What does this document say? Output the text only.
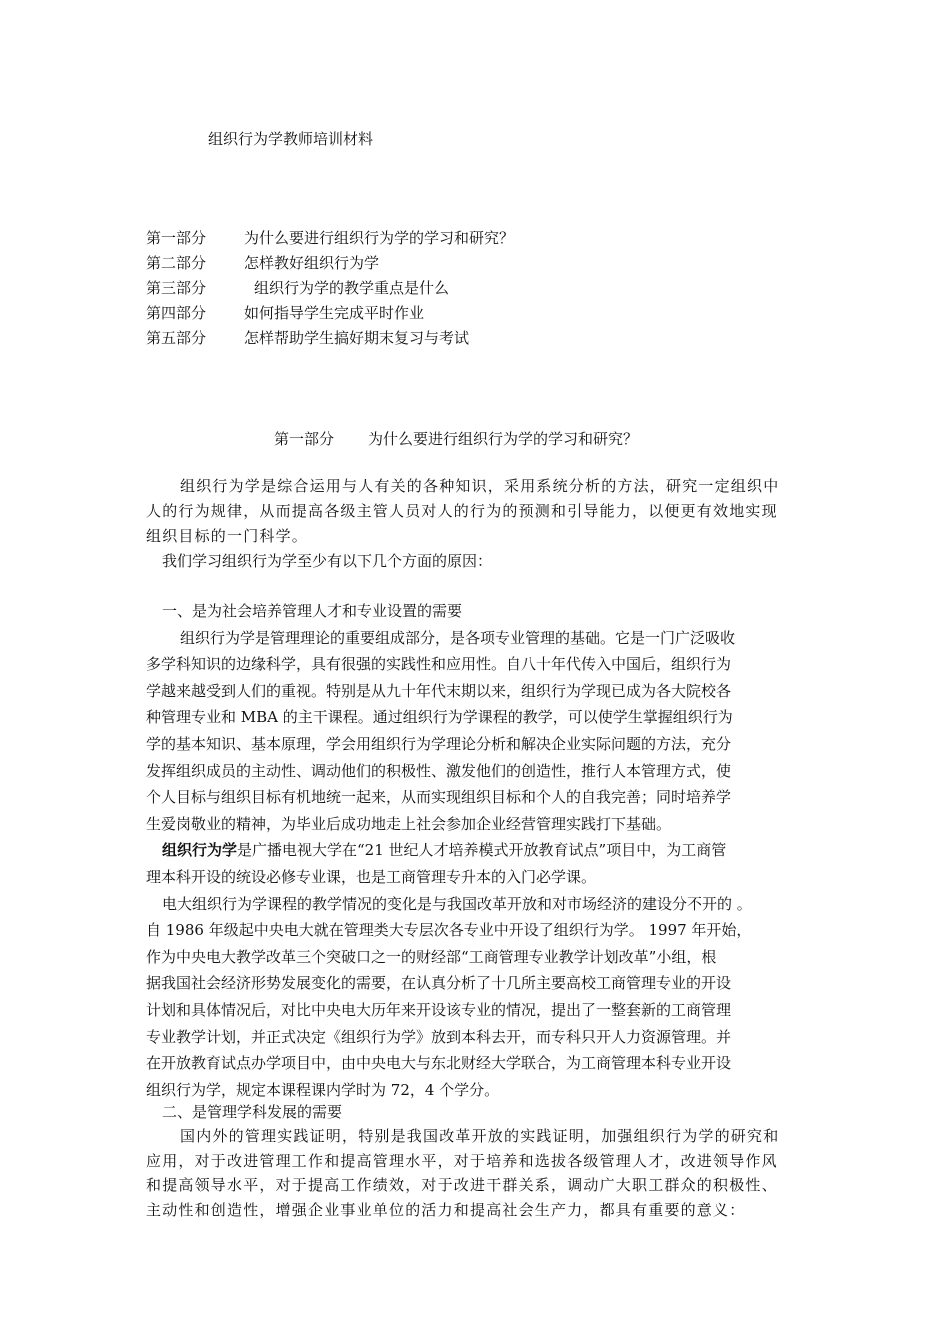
组织行为学教师培训材料
第一部分	为什么要进行组织行为学的学习和研究？
第二部分	怎样教好组织行为学
第三部分	组织行为学的教学重点是什么
第四部分	如何指导学生完成平时作业
第五部分	怎样帮助学生搞好期末复习与考试
第一部分 为什么要进行组织行为学的学习和研究？

组织行为学是综合运用与人有关的各种知识，采用系统分析的方法，研究一定组织中

人的行为规律，从而提高各级主管人员对人的行为的预测和引导能力，以便更有效地实现

组织目标的一门科学。

我们学习组织行为学至少有以下几个方面的原因：

一、是为社会培养管理人才和专业设置的需要

组织行为学是管理理论的重要组成部分，是各项专业管理的基础。它是一门广泛吸收

多学科知识的边缘科学，具有很强的实践性和应用性。自八十年代传入中国后，组织行为

学越来越受到人们的重视。特别是从九十年代末期以来，组织行为学现已成为各大院校各

种管理专业和 MBA 的主干课程。通过组织行为学课程的教学，可以使学生掌握组织行为

学的基本知识、基本原理，学会用组织行为学理论分析和解决企业实际问题的方法，充分

发挥组织成员的主动性、调动他们的积极性、激发他们的创造性，推行人本管理方式，使

个人目标与组织目标有机地统一起来，从而实现组织目标和个人的自我完善；同时培养学

生爱岗敬业的精神，为毕业后成功地走上社会参加企业经营管理实践打下基础。

组织行为学是广播电视大学在“21 世纪人才培养模式开放教育试点”项目中，为工商管

理本科开设的统设必修专业课，也是工商管理专升本的入门必学课。

电大组织行为学课程的教学情况的变化是与我国改革开放和对市场经济的建设分不开的 。

自 1986 年级起中央电大就在管理类大专层次各专业中开设了组织行为学。 1997 年开始，

作为中央电大教学改革三个突破口之一的财经部“工商管理专业教学计划改革”小组，根

据我国社会经济形势发展变化的需要，在认真分析了十几所主要高校工商管理专业的开设

计划和具体情况后，对比中央电大历年来开设该专业的情况，提出了一整套新的工商管理

专业教学计划，并正式决定《组织行为学》放到本科去开，而专科只开人力资源管理。并

在开放教育试点办学项目中，由中央电大与东北财经大学联合，为工商管理本科专业开设

组织行为学，规定本课程课内学时为 72，4 个学分。

二、是管理学科发展的需要

国内外的管理实践证明，特别是我国改革开放的实践证明，加强组织行为学的研究和

应用，对于改进管理工作和提高管理水平，对于培养和选拔各级管理人才，改进领导作风

和提高领导水平，对于提高工作绩效，对于改进干群关系，调动广大职工群众的积极性、

主动性和创造性，增强企业事业单位的活力和提高社会生产力，都具有重要的意义：
